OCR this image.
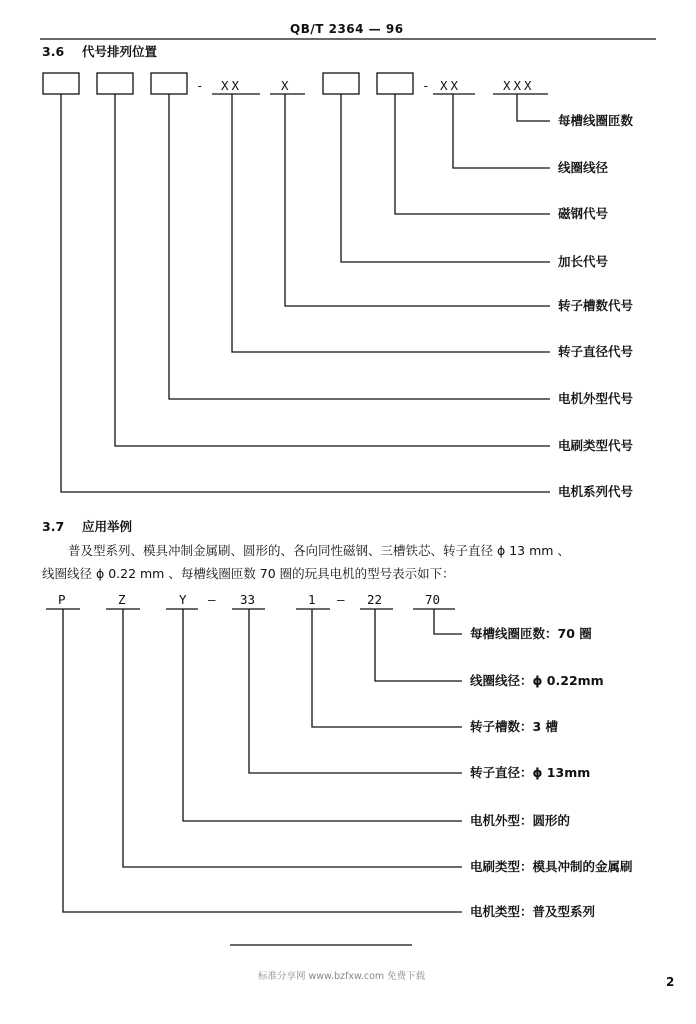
QB/T 2364 — 96
3.6 代号排列位置
- XX	X	- XX	XXX
每槽线圈匝数
线圈线径
磁钢代号
加长代号
转子槽数代号
转子直径代号
电机外型代号
电刷类型代号
电机系列代号
3.7 应用举例
普及型系列、模具冲制金属刷、圆形的、各向同性磁钢、三槽铁芯、转子直径 ϕ 13 mm 、
线圈线径 ϕ 0.22 mm 、每槽线圈匝数 70 圈的玩具电机的型号表示如下：
P	Z	Y — 33	1 — 22	70
每槽线圈匝数：70 圈
线圈线径：ϕ 0.22mm
转子槽数：3 槽
转子直径：ϕ 13mm
电机外型：圆形的
电刷类型：模具冲制的金属刷
电机类型：普及型系列
标准分享网 www.bzfxw.com 免费下载	2
